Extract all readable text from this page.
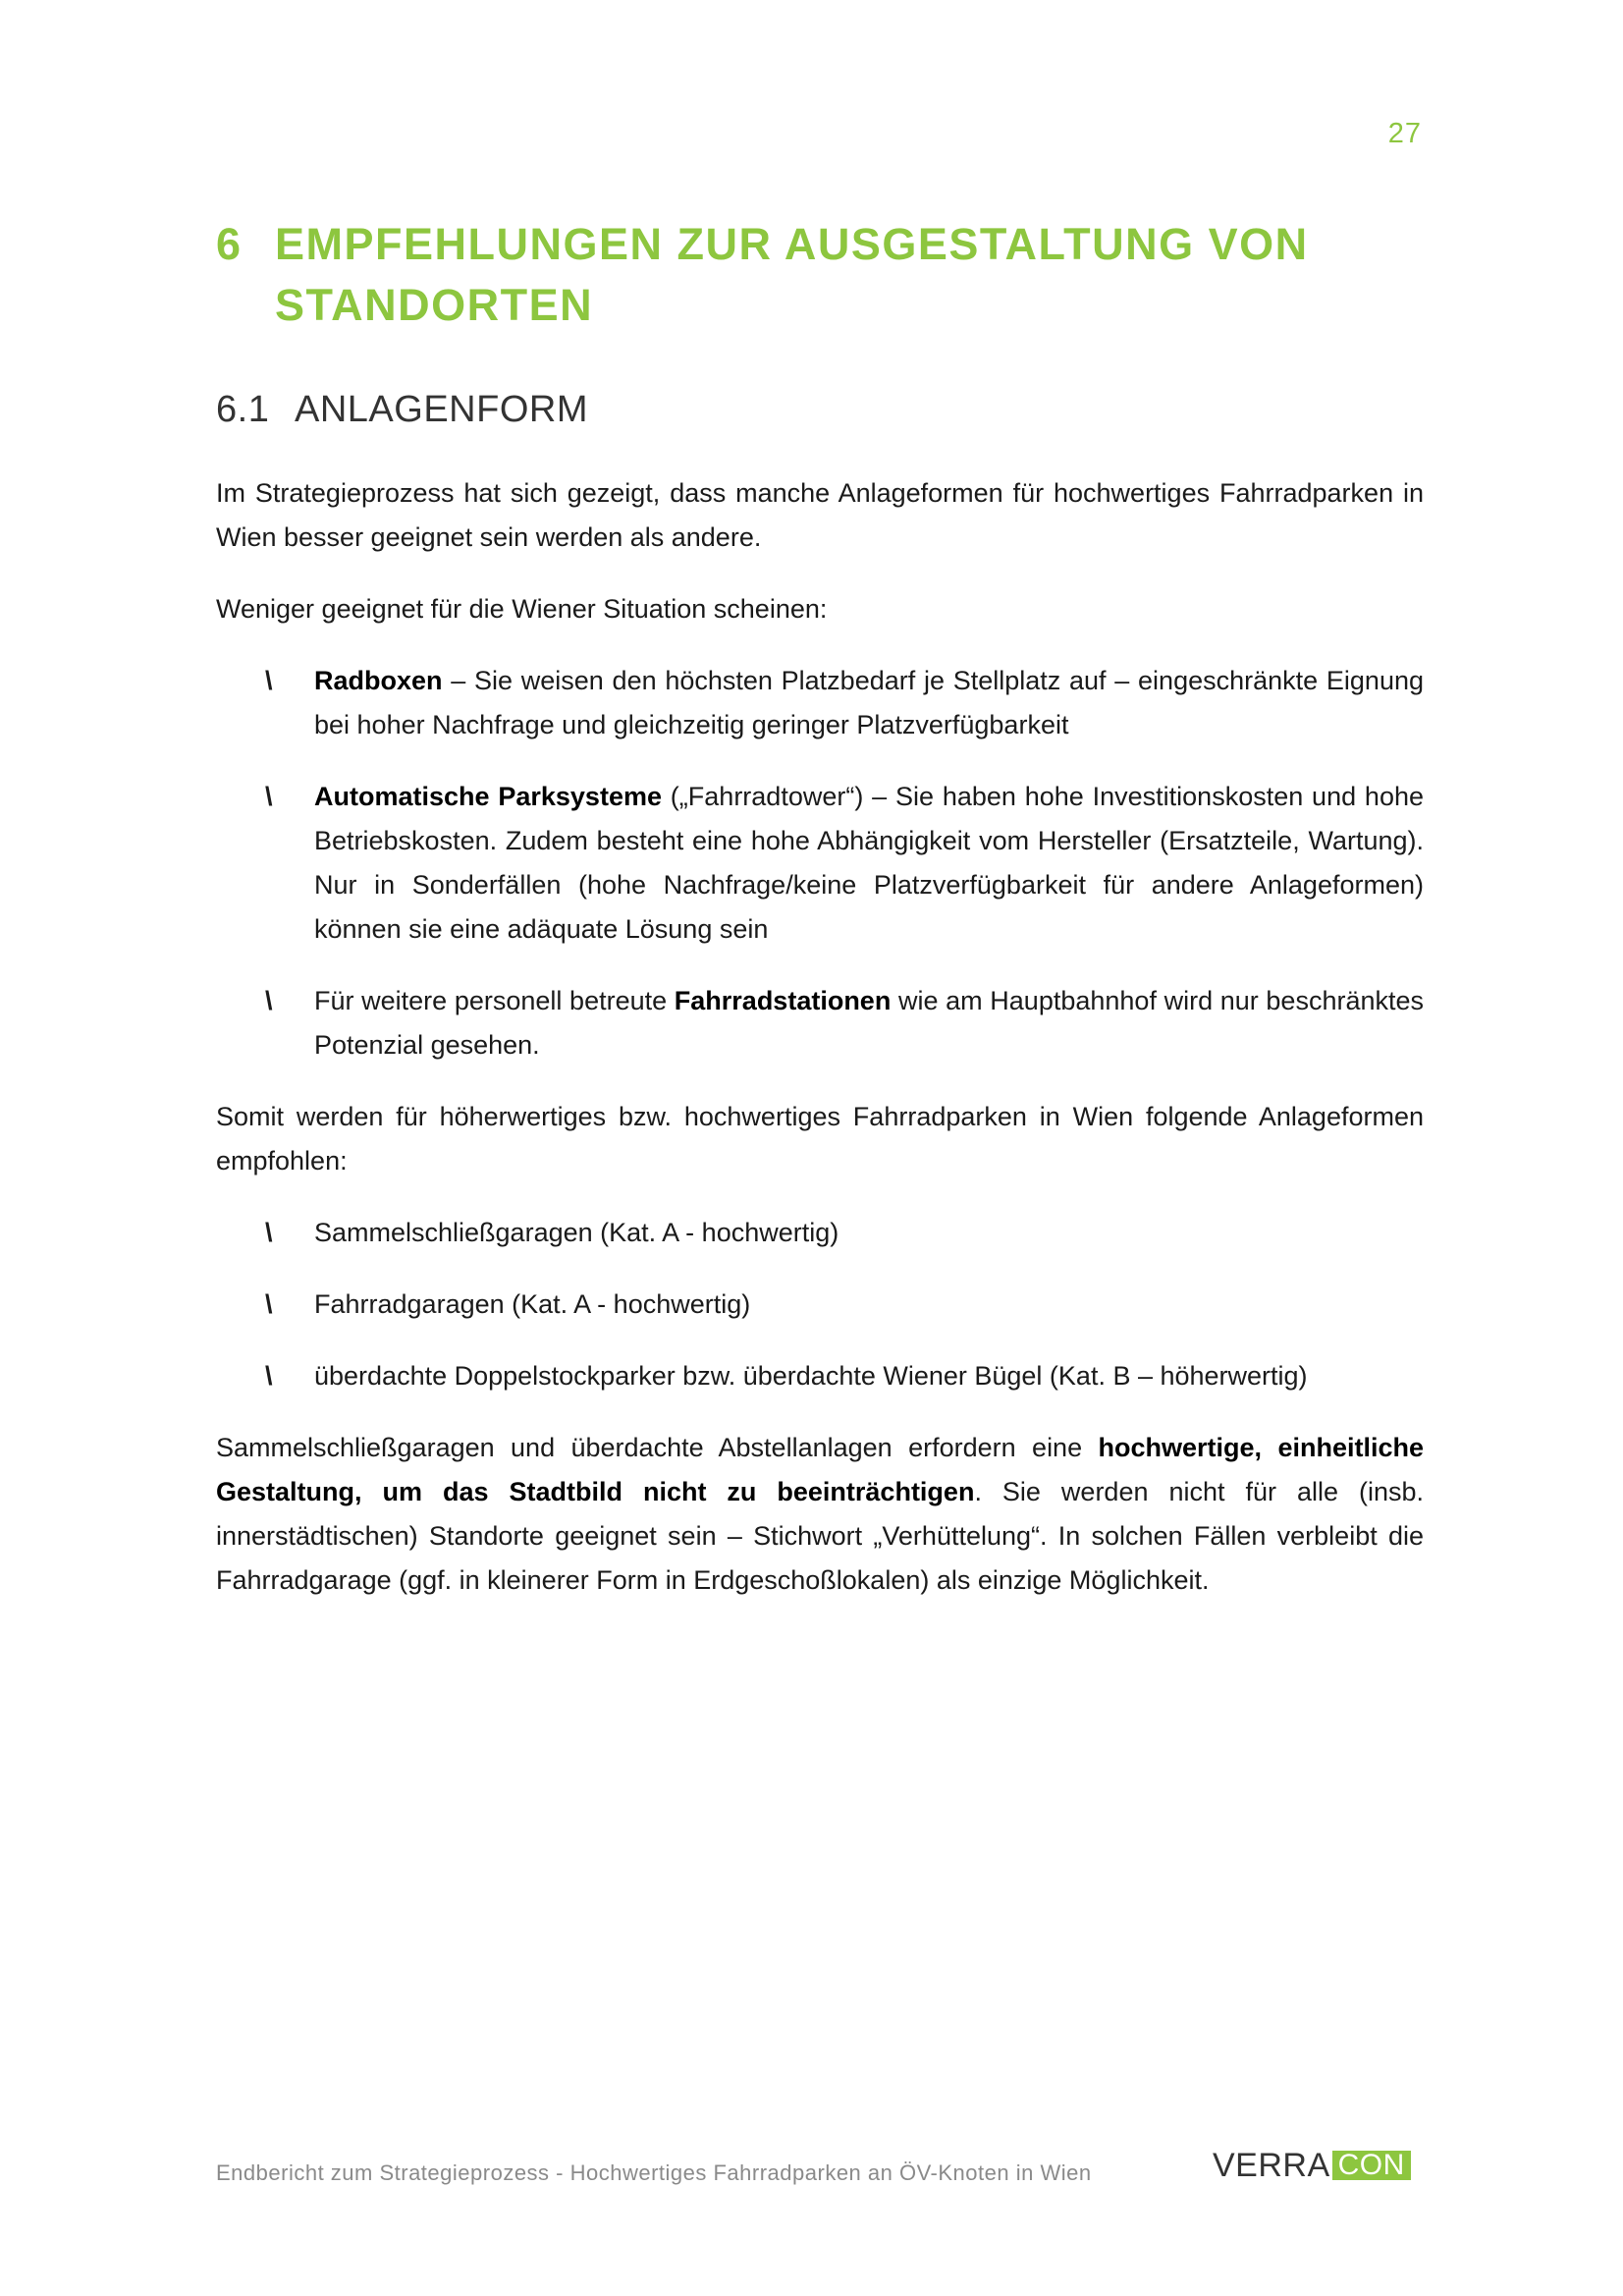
27
6 EMPFEHLUNGEN ZUR AUSGESTALTUNG VON
STANDORTEN
6.1 ANLAGENFORM

Im Strategieprozess hat sich gezeigt, dass manche Anlageformen für hochwertiges Fahrradparken in Wien besser geeignet sein werden als andere.

Weniger geeignet für die Wiener Situation scheinen:

\	Radboxen – Sie weisen den höchsten Platzbedarf je Stellplatz auf – eingeschränkte Eignung bei hoher Nachfrage und gleichzeitig geringer Platzverfügbarkeit
\	Automatische Parksysteme („Fahrradtower“) – Sie haben hohe Investitionskosten und hohe Betriebskosten. Zudem besteht eine hohe Abhängigkeit vom Hersteller (Ersatzteile, Wartung). Nur in Sonderfällen (hohe Nachfrage/keine Platzverfügbarkeit für andere Anlageformen) können sie eine adäquate Lösung sein
\	Für weitere personell betreute Fahrradstationen wie am Hauptbahnhof wird nur beschränktes Potenzial gesehen.

Somit werden für höherwertiges bzw. hochwertiges Fahrradparken in Wien folgende Anlageformen empfohlen:

\	Sammelschließgaragen (Kat. A - hochwertig)
\	Fahrradgaragen (Kat. A - hochwertig)
\	überdachte Doppelstockparker bzw. überdachte Wiener Bügel (Kat. B – höherwertig)

Sammelschließgaragen und überdachte Abstellanlagen erfordern eine hochwertige, einheitliche Gestaltung, um das Stadtbild nicht zu beeinträchtigen. Sie werden nicht für alle (insb. innerstädtischen) Standorte geeignet sein – Stichwort „Verhüttelung“. In solchen Fällen verbleibt die Fahrradgarage (ggf. in kleinerer Form in Erdgeschoßlokalen) als einzige Möglichkeit.

Endbericht zum Strategieprozess - Hochwertiges Fahrradparken an ÖV-Knoten in Wien	VERRA CON
